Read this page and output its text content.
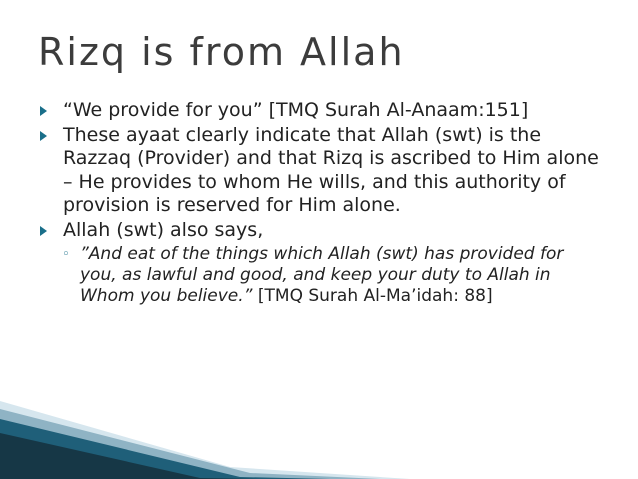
Rizq is from Allah
“We provide for you” [TMQ Surah Al-Anaam:151]
These ayaat clearly indicate that Allah (swt) is the Razzaq (Provider) and that Rizq is ascribed to Him alone – He provides to whom He wills, and this authority of provision is reserved for Him alone.
Allah (swt) also says,
◦ ”And eat of the things which Allah (swt) has provided for you, as lawful and good, and keep your duty to Allah in Whom you believe.” [TMQ Surah Al-Ma’idah: 88]
